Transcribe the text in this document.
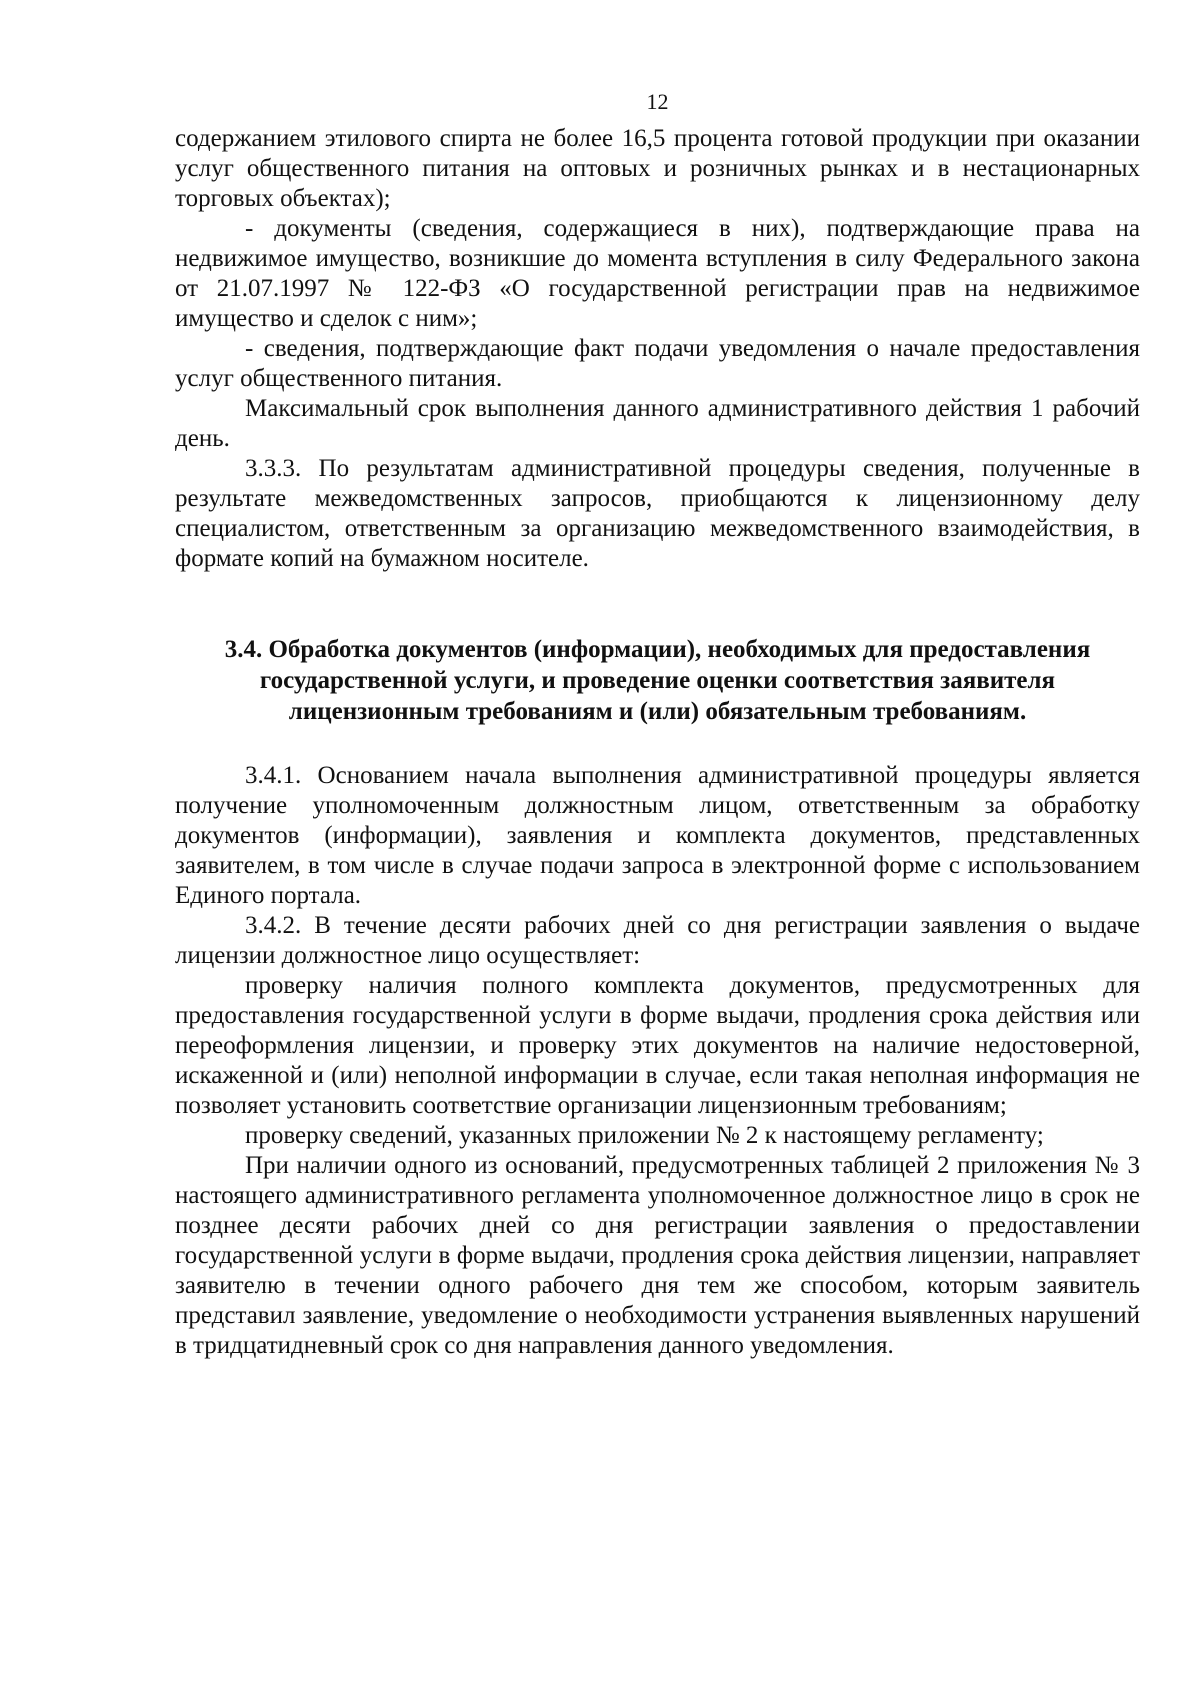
12

содержанием этилового спирта не более 16,5 процента готовой продукции при оказании услуг общественного питания на оптовых и розничных рынках и в нестационарных торговых объектах);

- документы (сведения, содержащиеся в них), подтверждающие права на недвижимое имущество, возникшие до момента вступления в силу Федерального закона от 21.07.1997 № 122-ФЗ «О государственной регистрации прав на недвижимое имущество и сделок с ним»;

- сведения, подтверждающие факт подачи уведомления о начале предоставления услуг общественного питания.

Максимальный срок выполнения данного административного действия 1 рабочий день.

3.3.3. По результатам административной процедуры сведения, полученные в результате межведомственных запросов, приобщаются к лицензионному делу специалистом, ответственным за организацию межведомственного взаимодействия, в формате копий на бумажном носителе.

3.4. Обработка документов (информации), необходимых для предоставления государственной услуги, и проведение оценки соответствия заявителя лицензионным требованиям и (или) обязательным требованиям.

3.4.1. Основанием начала выполнения административной процедуры является получение уполномоченным должностным лицом, ответственным за обработку документов (информации), заявления и комплекта документов, представленных заявителем, в том числе в случае подачи запроса в электронной форме с использованием Единого портала.

3.4.2. В течение десяти рабочих дней со дня регистрации заявления о выдаче лицензии должностное лицо осуществляет:

проверку наличия полного комплекта документов, предусмотренных для предоставления государственной услуги в форме выдачи, продления срока действия или переоформления лицензии, и проверку этих документов на наличие недостоверной, искаженной и (или) неполной информации в случае, если такая неполная информация не позволяет установить соответствие организации лицензионным требованиям;

проверку сведений, указанных приложении № 2 к настоящему регламенту;

При наличии одного из оснований, предусмотренных таблицей 2 приложения № 3 настоящего административного регламента уполномоченное должностное лицо в срок не позднее десяти рабочих дней со дня регистрации заявления о предоставлении государственной услуги в форме выдачи, продления срока действия лицензии, направляет заявителю в течении одного рабочего дня тем же способом, которым заявитель представил заявление, уведомление о необходимости устранения выявленных нарушений в тридцатидневный срок со дня направления данного уведомления.
